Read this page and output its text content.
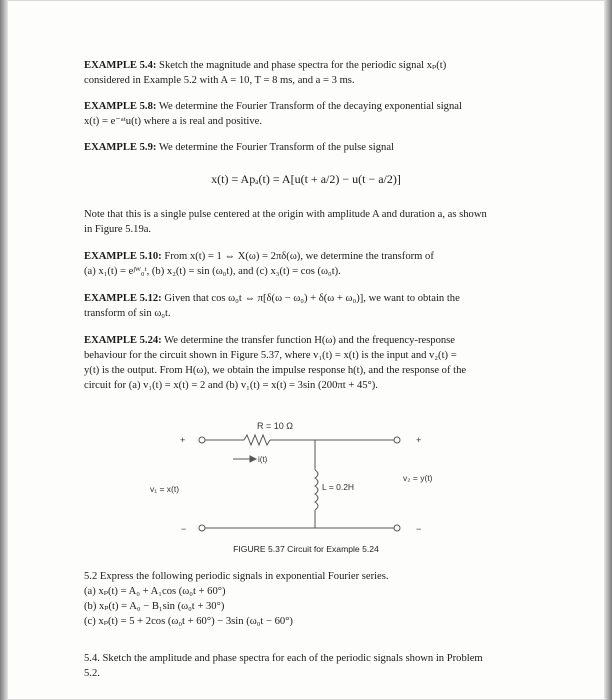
EXAMPLE 5.4: Sketch the magnitude and phase spectra for the periodic signal xₚ(t)
considered in Example 5.2 with A = 10, T = 8 ms, and a = 3 ms.
EXAMPLE 5.8: We determine the Fourier Transform of the decaying exponential signal
x(t) = e⁻ᵃᵗu(t) where a is real and positive.
EXAMPLE 5.9: We determine the Fourier Transform of the pulse signal
x(t) = Apₐ(t) = A[u(t + a/2) − u(t − a/2)]
Note that this is a single pulse centered at the origin with amplitude A and duration a, as shown
in Figure 5.19a.
EXAMPLE 5.10: From x(t) = 1 ⇔ X(ω) = 2πδ(ω), we determine the transform of
(a) x₁(t) = eʲᵂ₀ᵗ, (b) x₂(t) = sin (ω₀t), and (c) x₃(t) = cos (ω₀t).
EXAMPLE 5.12: Given that cos ω₀t ⇔ π[δ(ω − ω₀) + δ(ω + ω₀)], we want to obtain the
transform of sin ω₀t.
EXAMPLE 5.24: We determine the transfer function H(ω) and the frequency-response
behaviour for the circuit shown in Figure 5.37, where v₁(t) = x(t) is the input and v₂(t) =
y(t) is the output. From H(ω), we obtain the impulse response h(t), and the response of the
circuit for (a) v₁(t) = x(t) = 2 and (b) v₁(t) = x(t) = 3sin (200πt + 45°).
R = 10 Ω
i(t)
L = 0.2H
v₁ = x(t)
v₂ = y(t)
+
−
+
−
FIGURE 5.37 Circuit for Example 5.24
5.2 Express the following periodic signals in exponential Fourier series.
(a) xₚ(t) = A₀ + A₁cos (ω₀t + 60°)
(b) xₚ(t) = A₀ − B₁sin (ω₀t + 30°)
(c) xₚ(t) = 5 + 2cos (ω₀t + 60°) − 3sin (ω₀t − 60°)
5.4. Sketch the amplitude and phase spectra for each of the periodic signals shown in Problem
5.2.
